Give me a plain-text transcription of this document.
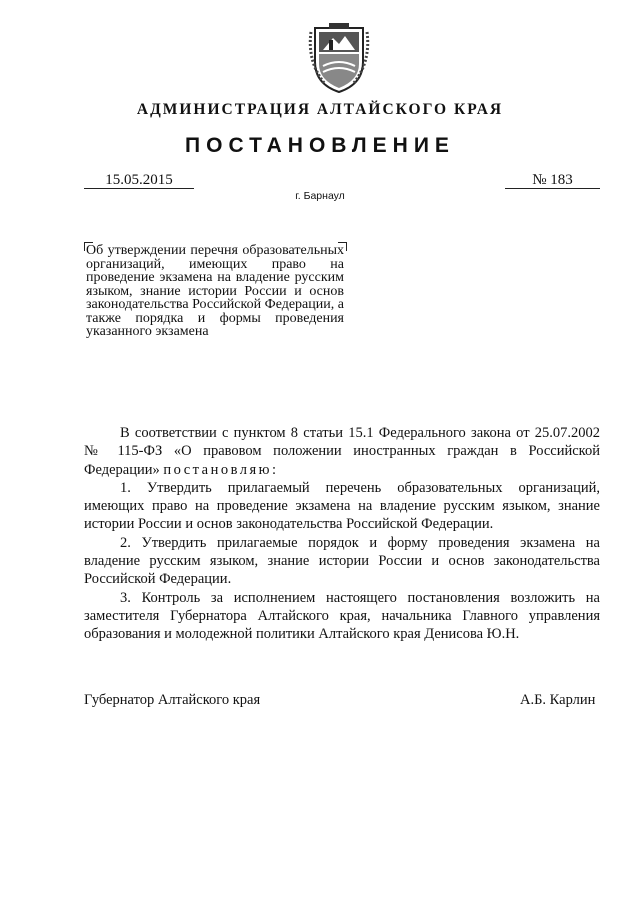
АДМИНИСТРАЦИЯ АЛТАЙСКОГО КРАЯ
ПОСТАНОВЛЕНИЕ
15.05.2015	№ 183
г. Барнаул
Об утверждении перечня образовательных организаций, имеющих право на проведение экзамена на владение русским языком, знание истории России и основ законодательства Российской Федерации, а также порядка и формы проведения указанного экзамена

В соответствии с пунктом 8 статьи 15.1 Федерального закона от 25.07.2002 № 115-ФЗ «О правовом положении иностранных граждан в Российской Федерации» постановляю:

1. Утвердить прилагаемый перечень образовательных организаций, имеющих право на проведение экзамена на владение русским языком, знание истории России и основ законодательства Российской Федерации.

2. Утвердить прилагаемые порядок и форму проведения экзамена на владение русским языком, знание истории России и основ законодательства Российской Федерации.

3. Контроль за исполнением настоящего постановления возложить на заместителя Губернатора Алтайского края, начальника Главного управления образования и молодежной политики Алтайского края Денисова Ю.Н.

Губернатор Алтайского края	А.Б. Карлин
